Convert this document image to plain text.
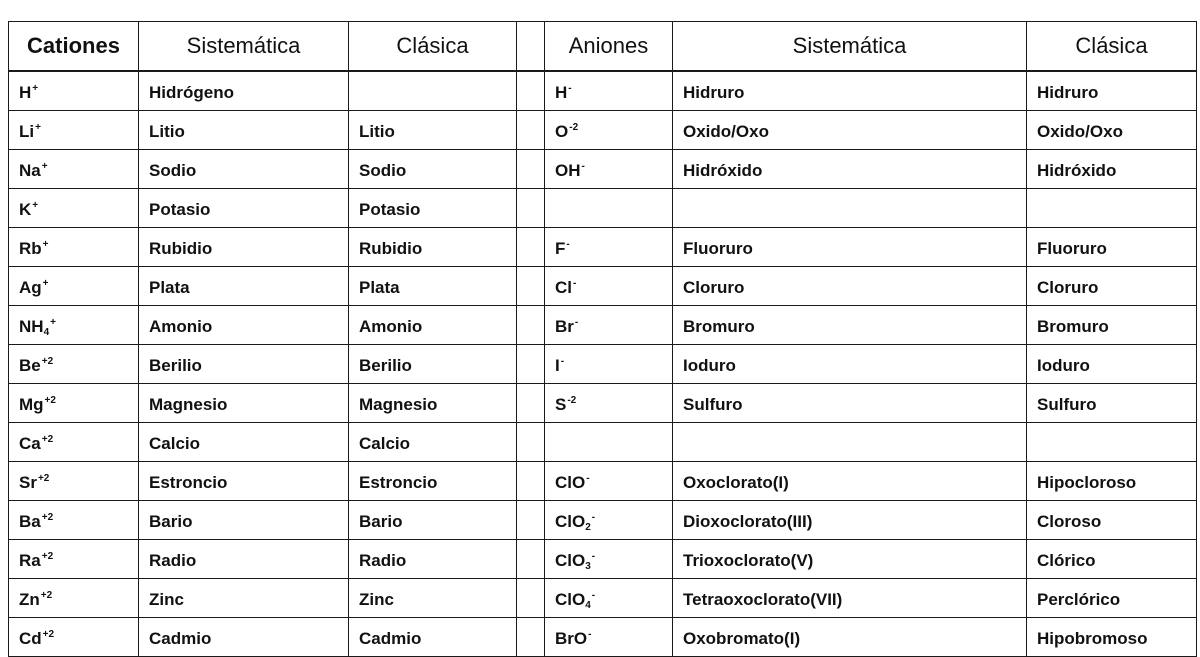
Cationes	Sistemática	Clásica		Aniones	Sistemática	Clásica
H+	Hidrógeno			H-	Hidruro	Hidruro
Li+	Litio	Litio		$O^{-2}$	Oxido/Oxo	Oxido/Oxo
Na+	Sodio	Sodio		OH-	Hidróxido	Hidróxido
K+	Potasio	Potasio				
Rb+	Rubidio	Rubidio		F-	Fluoruro	Fluoruro
Ag+	Plata	Plata		Cl-	Cloruro	Cloruro
$NH_4^+$	Amonio	Amonio		Br-	Bromuro	Bromuro
$Be^{+2}$	Berilio	Berilio		I-	Ioduro	Ioduro
$Mg^{+2}$	Magnesio	Magnesio		$S^{-2}$	Sulfuro	Sulfuro
$Ca^{+2}$	Calcio	Calcio				
$Sr^{+2}$	Estroncio	Estroncio		ClO-	Oxoclorato(I)	Hipocloroso
$Ba^{+2}$	Bario	Bario		ClO$_2$-	Dioxoclorato(III)	Cloroso
$Ra^{+2}$	Radio	Radio		ClO$_3$-	Trioxoclorato(V)	Clórico
$Zn^{+2}$	Zinc	Zinc		ClO$_4$-	Tetraoxoclorato(VII)	Perclórico
$Cd^{+2}$	Cadmio	Cadmio		BrO-	Oxobromato(I)	Hipobromoso
